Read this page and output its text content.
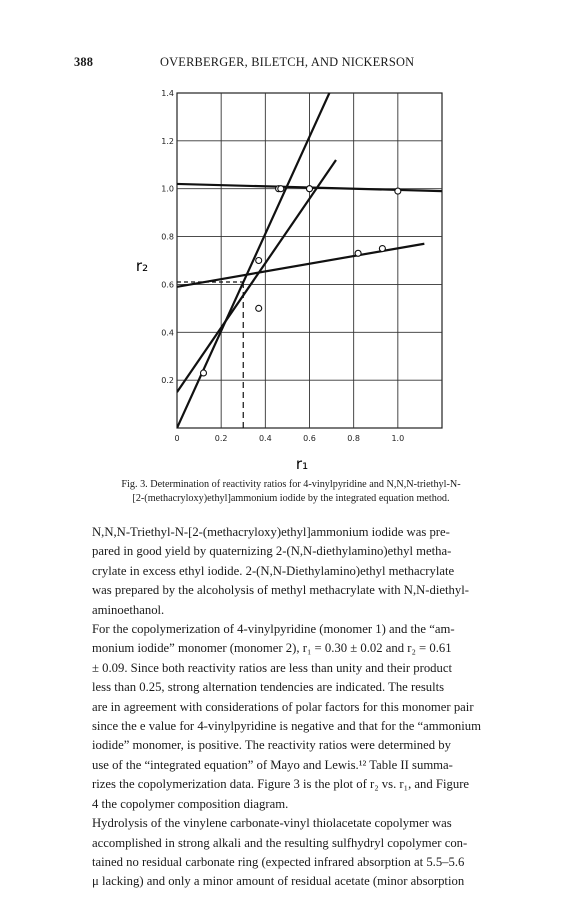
388	OVERBERGER, BILETCH, AND NICKERSON
0	0.2	0.4	0.6	0.8	1.0
0.2
0.4
0.6
0.8
1.0
1.2
1.4
r₁
r₂
Fig. 3. Determination of reactivity ratios for 4-vinylpyridine and N,N,N-triethyl-N-
[2-(methacryloxy)ethyl]ammonium iodide by the integrated equation method.

N,N,N-Triethyl-N-[2-(methacryloxy)ethyl]ammonium iodide was pre-
pared in good yield by quaternizing 2-(N,N-diethylamino)ethyl metha-
crylate in excess ethyl iodide. 2-(N,N-Diethylamino)ethyl methacrylate
was prepared by the alcoholysis of methyl methacrylate with N,N-diethyl-
aminoethanol.

For the copolymerization of 4-vinylpyridine (monomer 1) and the “am-
monium iodide” monomer (monomer 2), r₁ = 0.30 ± 0.02 and r₂ = 0.61
± 0.09. Since both reactivity ratios are less than unity and their product
less than 0.25, strong alternation tendencies are indicated. The results
are in agreement with considerations of polar factors for this monomer pair
since the e value for 4-vinylpyridine is negative and that for the “ammonium
iodide” monomer, is positive. The reactivity ratios were determined by
use of the “integrated equation” of Mayo and Lewis.¹² Table II summa-
rizes the copolymerization data. Figure 3 is the plot of r₂ vs. r₁, and Figure
4 the copolymer composition diagram.

Hydrolysis of the vinylene carbonate-vinyl thiolacetate copolymer was
accomplished in strong alkali and the resulting sulfhydryl copolymer con-
tained no residual carbonate ring (expected infrared absorption at 5.5–5.6
μ lacking) and only a minor amount of residual acetate (minor absorption
